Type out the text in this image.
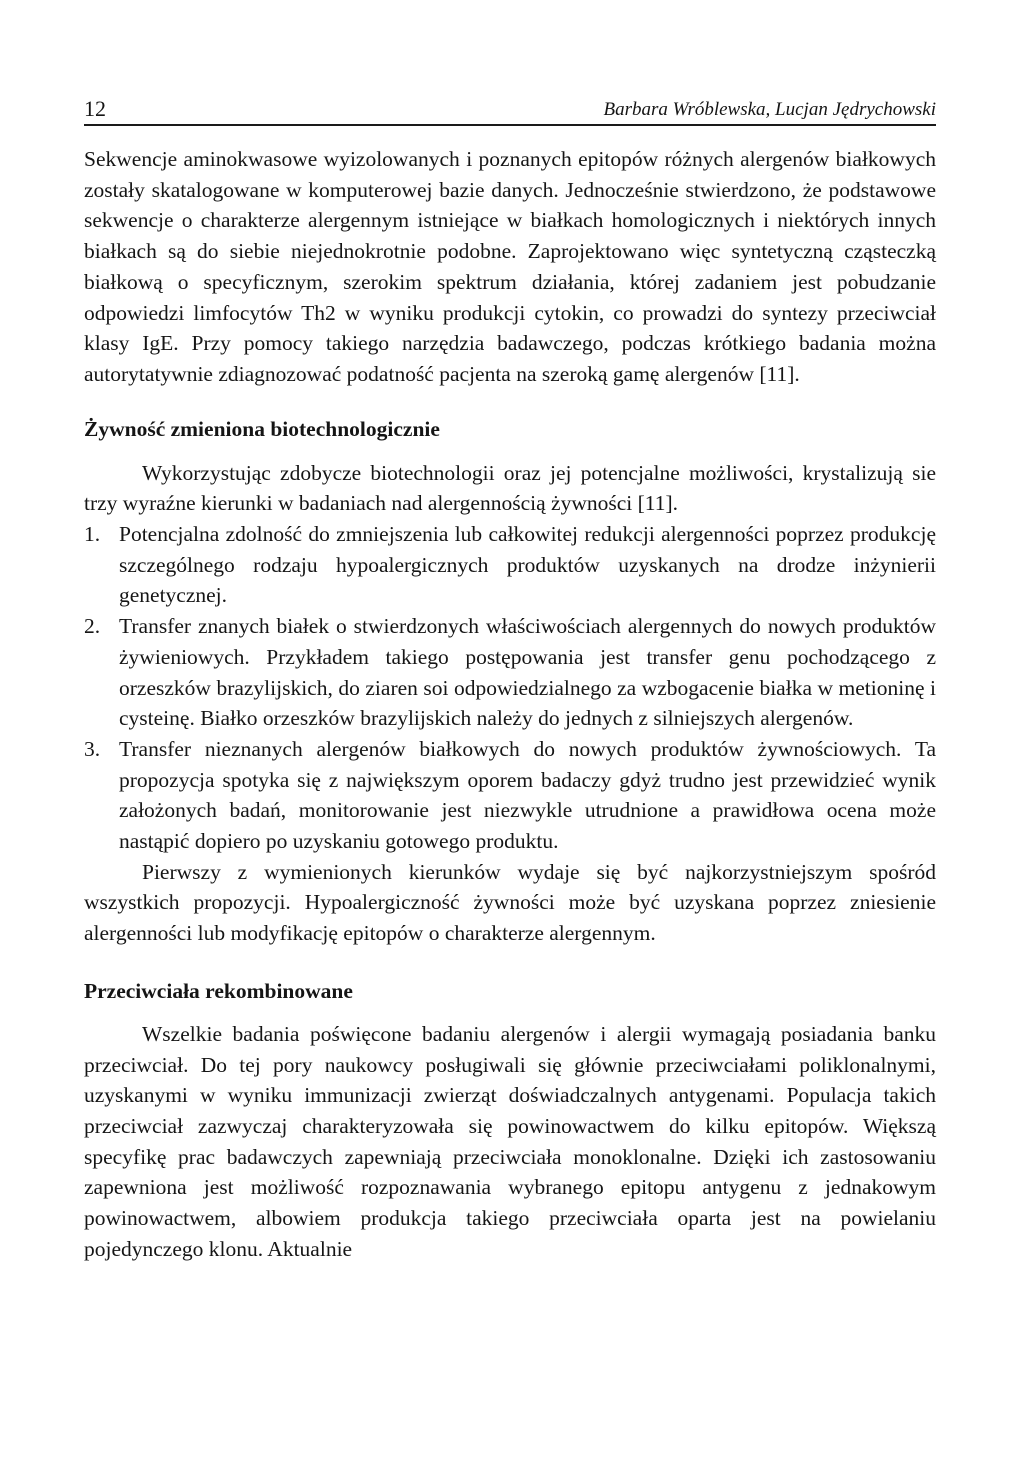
12	Barbara Wróblewska, Lucjan Jędrychowski

Sekwencje aminokwasowe wyizolowanych i poznanych epitopów różnych alergenów białkowych zostały skatalogowane w komputerowej bazie danych. Jednocześnie stwierdzono, że podstawowe sekwencje o charakterze alergennym istniejące w białkach homologicznych i niektórych innych białkach są do siebie niejednokrotnie podobne. Zaprojektowano więc syntetyczną cząsteczką białkową o specyficznym, szerokim spektrum działania, której zadaniem jest pobudzanie odpowiedzi limfocytów Th2 w wyniku produkcji cytokin, co prowadzi do syntezy przeciwciał klasy IgE. Przy pomocy takiego narzędzia badawczego, podczas krótkiego badania można autorytatywnie zdiagnozować podatność pacjenta na szeroką gamę alergenów [11].

Żywność zmieniona biotechnologicznie

Wykorzystując zdobycze biotechnologii oraz jej potencjalne możliwości, krystalizują sie trzy wyraźne kierunki w badaniach nad alergennością żywności [11].

1. Potencjalna zdolność do zmniejszenia lub całkowitej redukcji alergenności poprzez produkcję szczególnego rodzaju hypoalergicznych produktów uzyskanych na drodze inżynierii genetycznej.
2. Transfer znanych białek o stwierdzonych właściwościach alergennych do nowych produktów żywieniowych. Przykładem takiego postępowania jest transfer genu pochodzącego z orzeszków brazylijskich, do ziaren soi odpowiedzialnego za wzbogacenie białka w metioninę i cysteinę. Białko orzeszków brazylijskich należy do jednych z silniejszych alergenów.
3. Transfer nieznanych alergenów białkowych do nowych produktów żywnościowych. Ta propozycja spotyka się z największym oporem badaczy gdyż trudno jest przewidzieć wynik założonych badań, monitorowanie jest niezwykle utrudnione a prawidłowa ocena może nastąpić dopiero po uzyskaniu gotowego produktu.

Pierwszy z wymienionych kierunków wydaje się być najkorzystniejszym spośród wszystkich propozycji. Hypoalergiczność żywności może być uzyskana poprzez zniesienie alergenności lub modyfikację epitopów o charakterze alergennym.

Przeciwciała rekombinowane

Wszelkie badania poświęcone badaniu alergenów i alergii wymagają posiadania banku przeciwciał. Do tej pory naukowcy posługiwali się głównie przeciwciałami poliklonalnymi, uzyskanymi w wyniku immunizacji zwierząt doświadczalnych antygenami. Populacja takich przeciwciał zazwyczaj charakteryzowała się powinowactwem do kilku epitopów. Większą specyfikę prac badawczych zapewniają przeciwciała monoklonalne. Dzięki ich zastosowaniu zapewniona jest możliwość rozpoznawania wybranego epitopu antygenu z jednakowym powinowactwem, albowiem produkcja takiego przeciwciała oparta jest na powielaniu pojedynczego klonu. Aktualnie
